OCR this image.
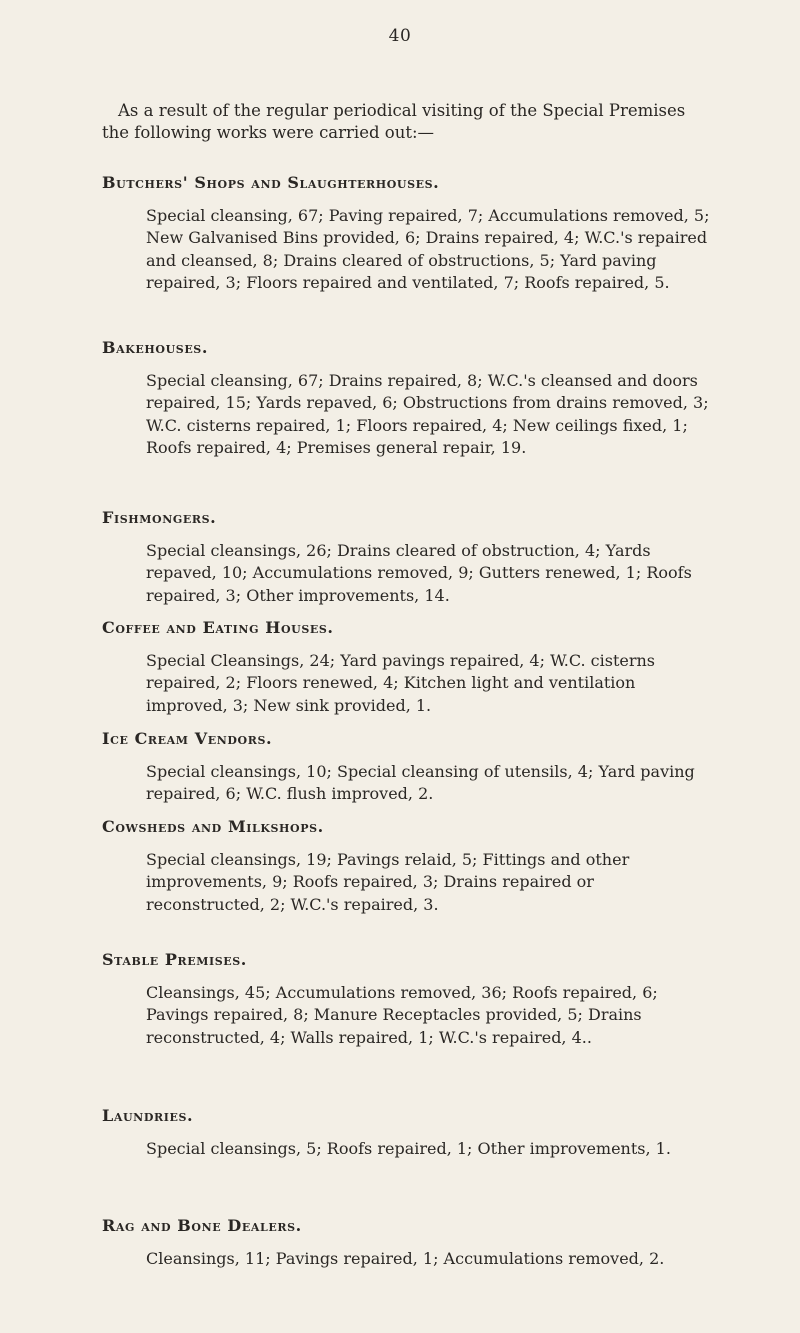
40

As a result of the regular periodical visiting of the Special Premises the following works were carried out:—

Butchers' Shops and Slaughterhouses.

Special cleansing, 67; Paving repaired, 7; Accumulations removed, 5; New Galvanised Bins provided, 6; Drains repaired, 4; W.C.'s repaired and cleansed, 8; Drains cleared of obstructions, 5; Yard paving repaired, 3; Floors repaired and ventilated, 7; Roofs repaired, 5.

Bakehouses.

Special cleansing, 67; Drains repaired, 8; W.C.'s cleansed and doors repaired, 15; Yards repaved, 6; Obstructions from drains removed, 3; W.C. cisterns repaired, 1; Floors repaired, 4; New ceilings fixed, 1; Roofs repaired, 4; Premises general repair, 19.

Fishmongers.

Special cleansings, 26; Drains cleared of obstruction, 4; Yards repaved, 10; Accumulations removed, 9; Gutters renewed, 1; Roofs repaired, 3; Other improvements, 14.

Coffee and Eating Houses.

Special Cleansings, 24; Yard pavings repaired, 4; W.C. cisterns repaired, 2; Floors renewed, 4; Kitchen light and ventilation improved, 3; New sink provided, 1.

Ice Cream Vendors.

Special cleansings, 10; Special cleansing of utensils, 4; Yard paving repaired, 6; W.C. flush improved, 2.

Cowsheds and Milkshops.

Special cleansings, 19; Pavings relaid, 5; Fittings and other improvements, 9; Roofs repaired, 3; Drains repaired or reconstructed, 2; W.C.'s repaired, 3.

Stable Premises.

Cleansings, 45; Accumulations removed, 36; Roofs repaired, 6; Pavings repaired, 8; Manure Receptacles provided, 5; Drains reconstructed, 4; Walls repaired, 1; W.C.'s repaired, 4..

Laundries.

Special cleansings, 5; Roofs repaired, 1; Other improvements, 1.

Rag and Bone Dealers.

Cleansings, 11; Pavings repaired, 1; Accumulations removed, 2.
